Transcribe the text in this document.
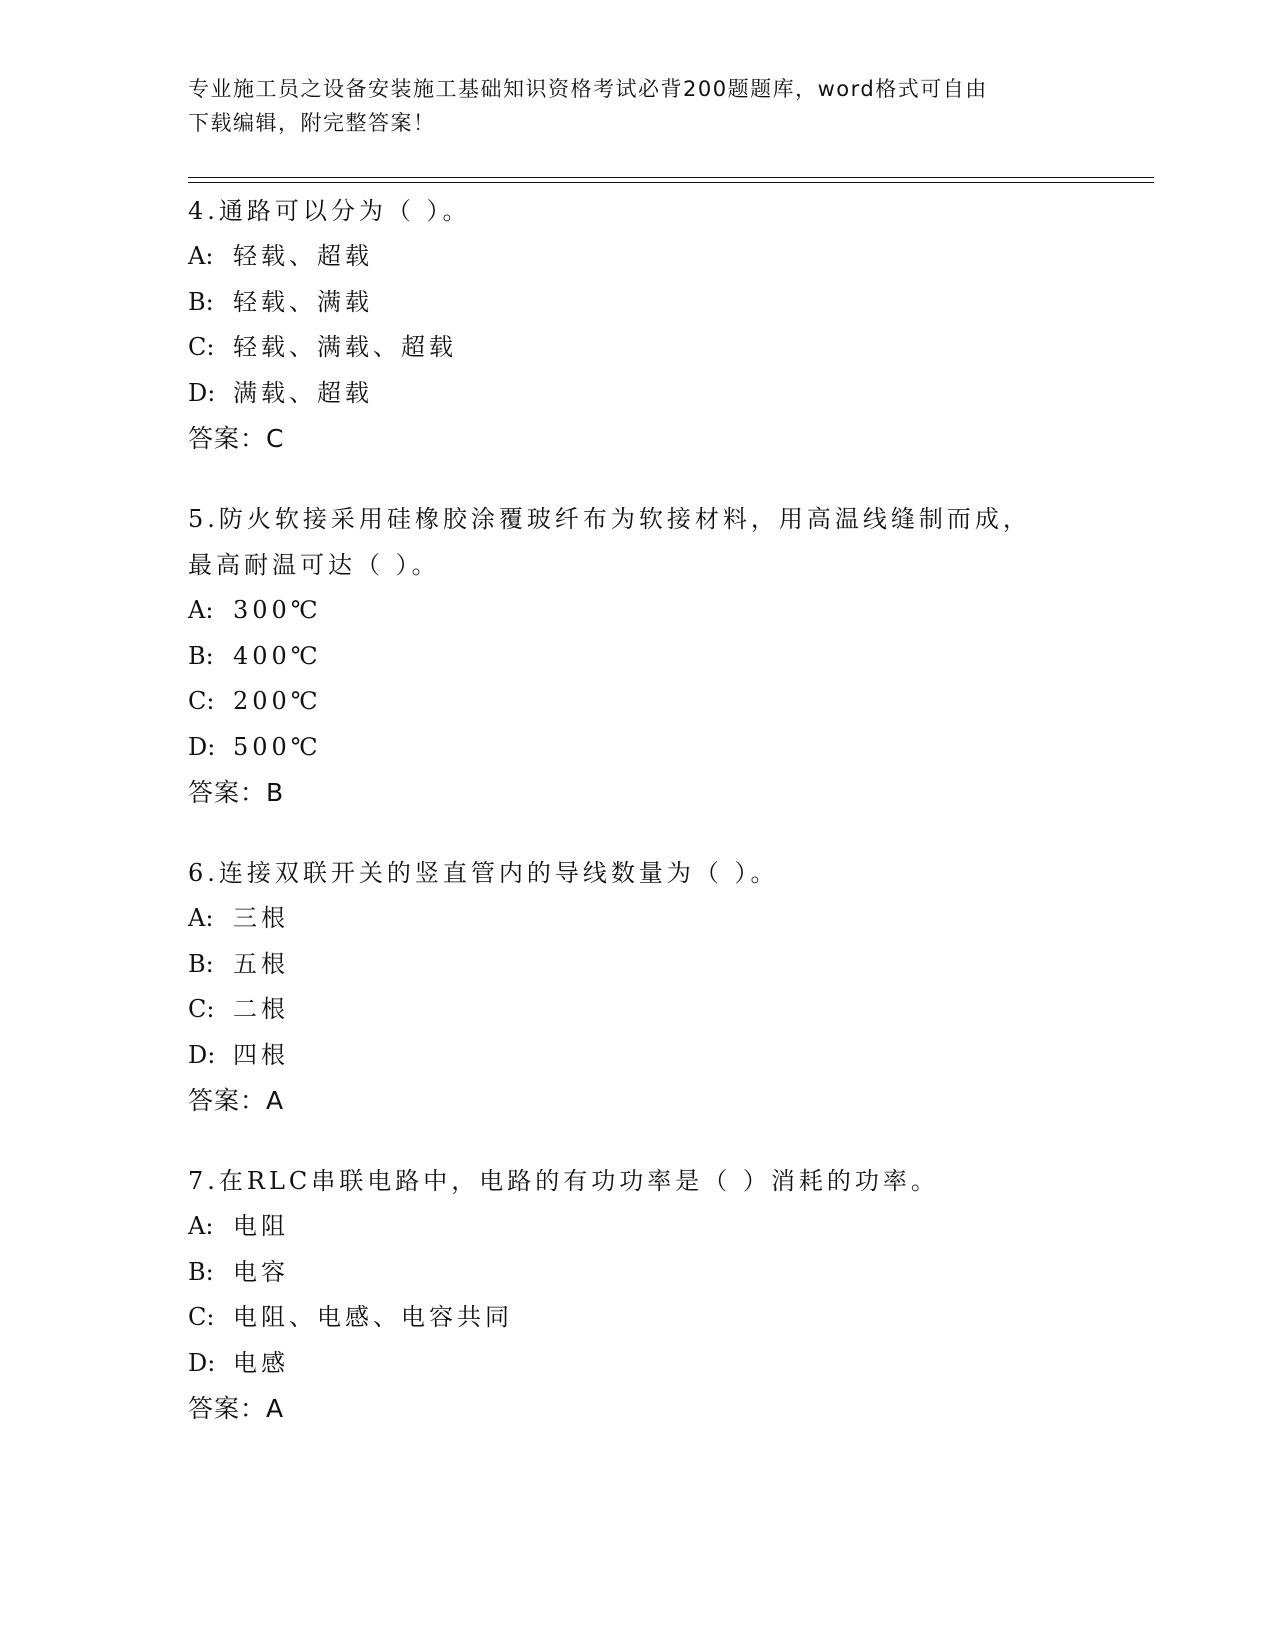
专业施工员之设备安装施工基础知识资格考试必背200题题库，word格式可自由
下载编辑，附完整答案！
4.通路可以分为（ ）。
A: 轻载、超载
B: 轻载、满载
C: 轻载、满载、超载
D: 满载、超载
答案：C
5.防火软接采用硅橡胶涂覆玻纤布为软接材料，用高温线缝制而成，
最高耐温可达（ ）。
A: 300℃
B: 400℃
C: 200℃
D: 500℃
答案：B
6.连接双联开关的竖直管内的导线数量为（ ）。
A: 三根
B: 五根
C: 二根
D: 四根
答案：A
7.在RLC串联电路中，电路的有功功率是（ ）消耗的功率。
A: 电阻
B: 电容
C: 电阻、电感、电容共同
D: 电感
答案：A
